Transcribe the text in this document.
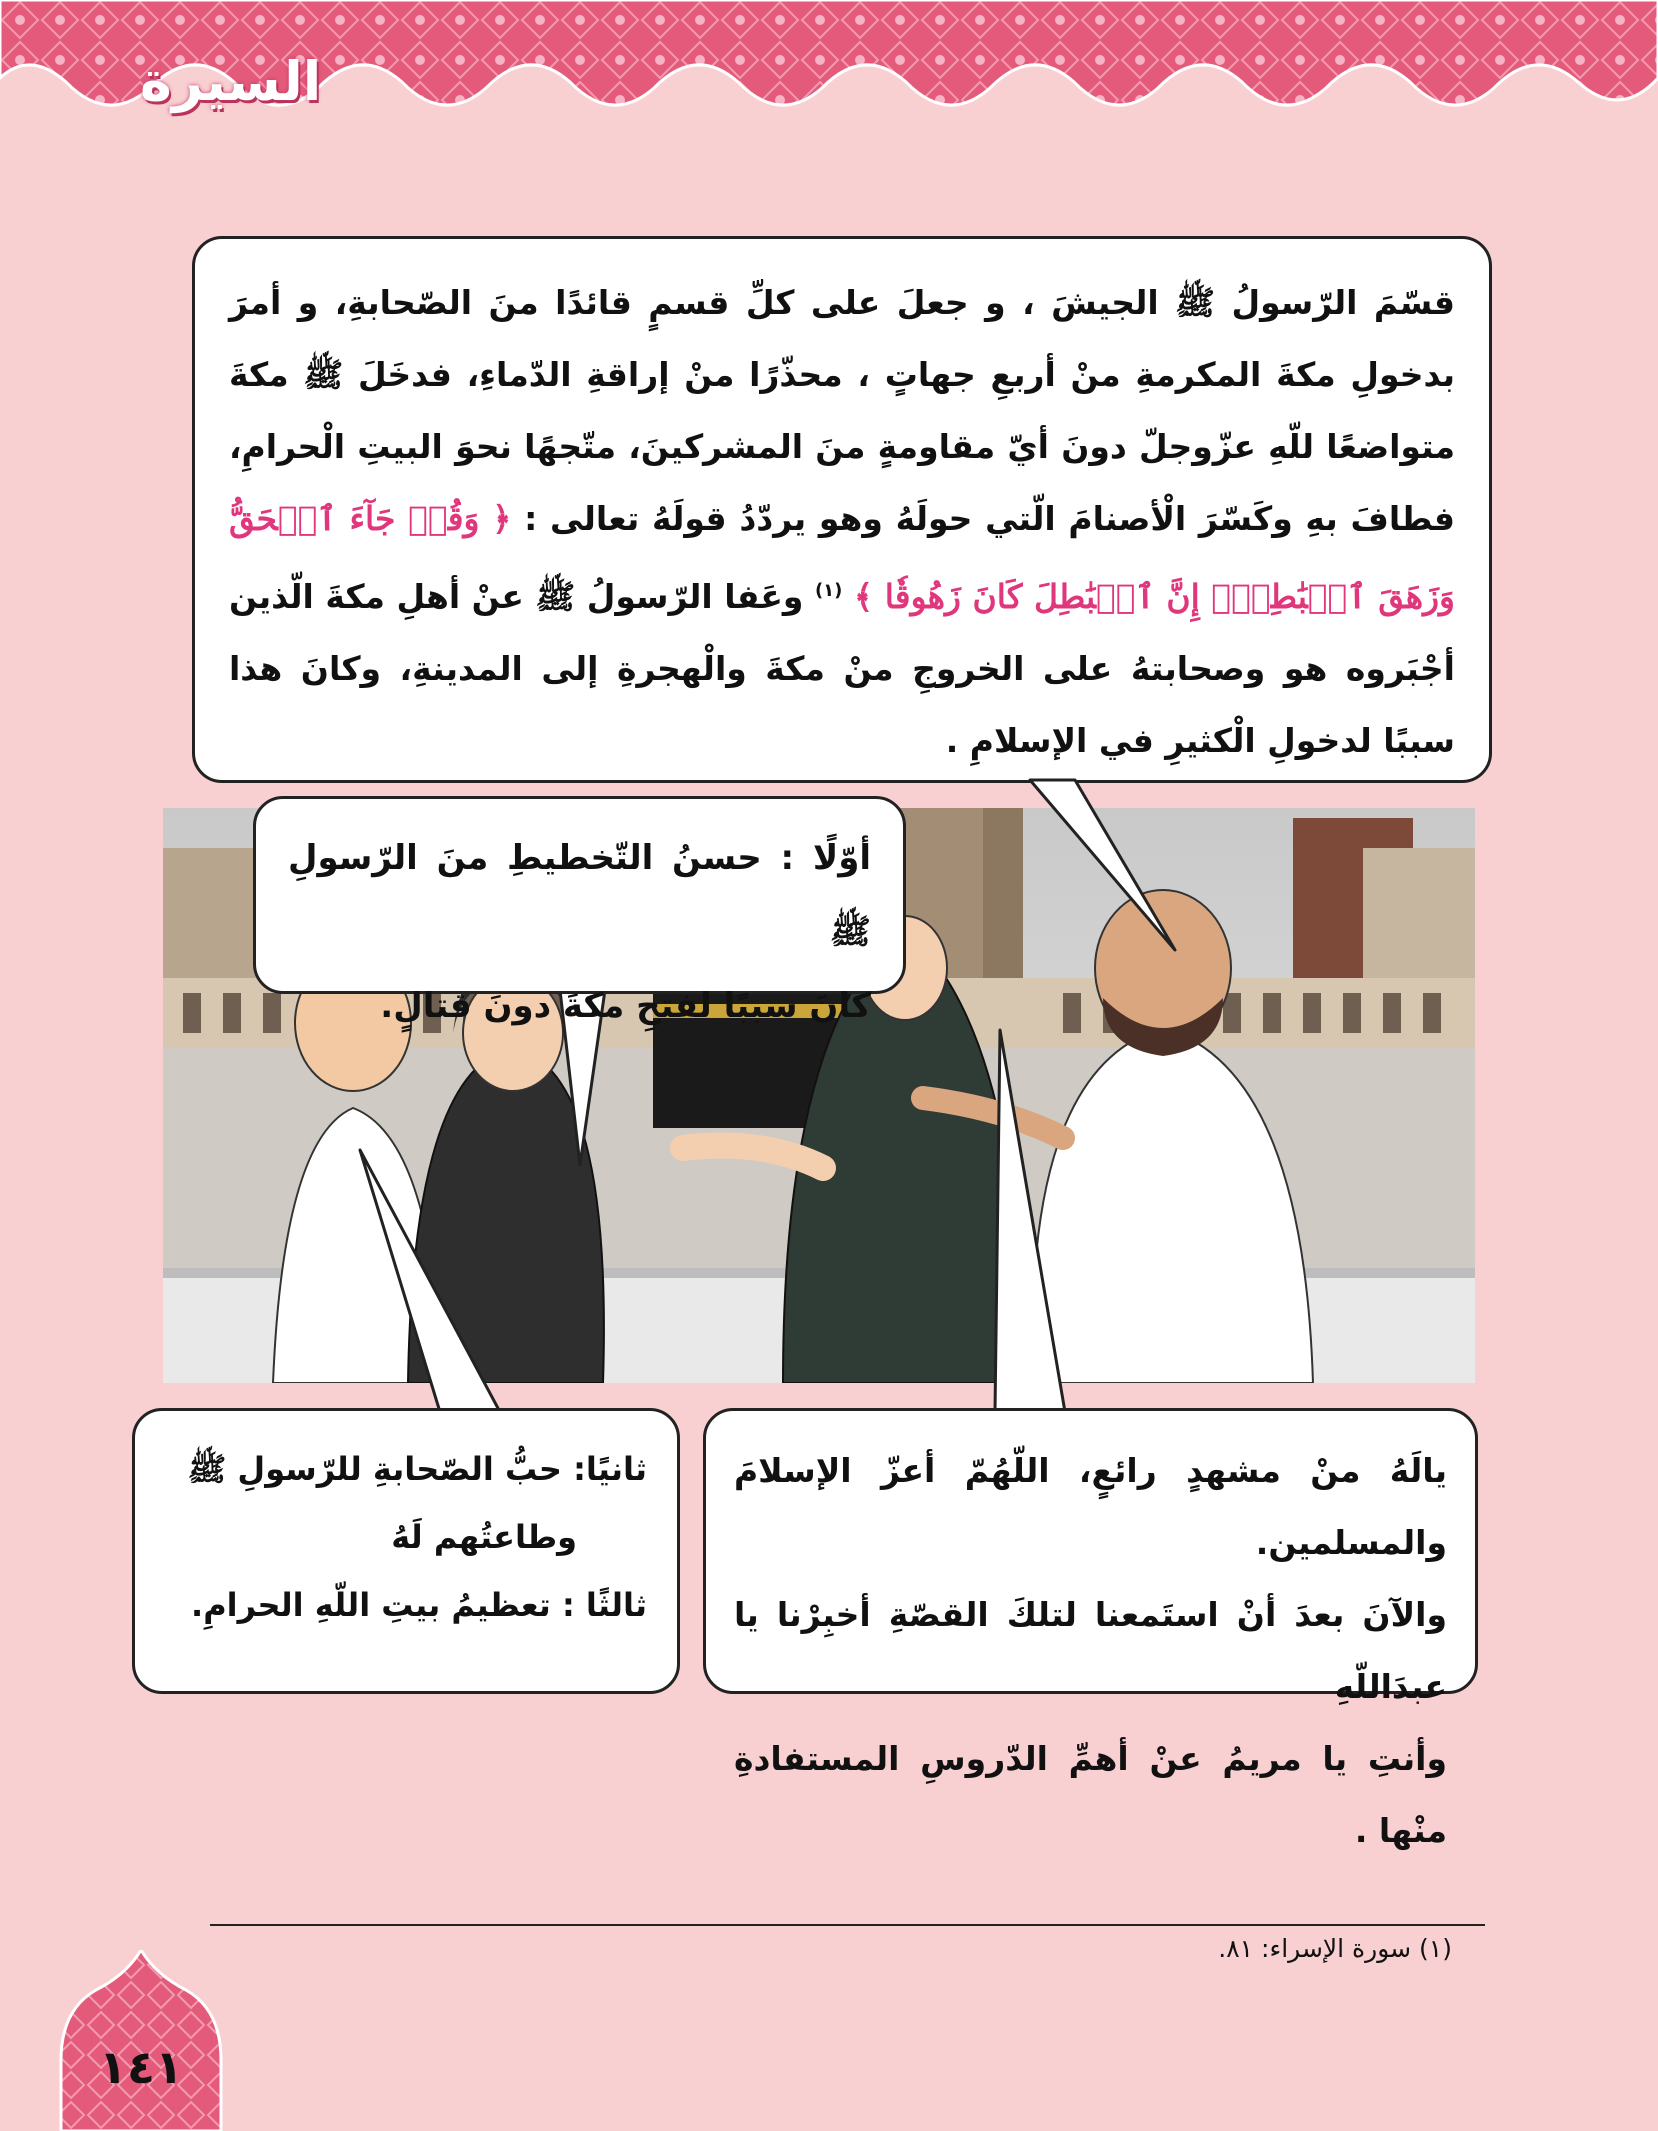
السيرة

قسّمَ الرّسولُ ﷺ الجيشَ ، و جعلَ على كلِّ قسمٍ قائدًا منَ الصّحابةِ، و أمرَ بدخولِ مكةَ المكرمةِ منْ أربعِ جهاتٍ ، محذّرًا منْ إراقةِ الدّماءِ، فدخَلَ ﷺ مكةَ متواضعًا للّهِ عزّوجلّ دونَ أيّ مقاومةٍ منَ المشركينَ، متّجهًا نحوَ البيتِ الْحرامِ، فطافَ بهِ وكَسّرَ الْأصنامَ الّتي حولَهُ وهو يردّدُ قولَهُ تعالى : ﴿ وَقُلۡ جَآءَ ٱلۡحَقُّ وَزَهَقَ ٱلۡبَٰطِلُۚ إِنَّ ٱلۡبَٰطِلَ كَانَ زَهُوقٗا ﴾ $^{(١)}$ وعَفا الرّسولُ ﷺ عنْ أهلِ مكةَ الّذين أجْبَروه هو وصحابتهُ على الخروجِ منْ مكةَ والْهجرةِ إلى المدينةِ، وكانَ هذا سببًا لدخولِ الْكثيرِ في الإسلامِ .

أوّلًا : حسنُ التّخطيطِ منَ الرّسولِ ﷺ

كانَ سببًا لفتحِ مكةَ دونَ قتالٍ.

ثانيًا: حبُّ الصّحابةِ للرّسولِ ﷺ

وطاعتُهم لَهُ

ثالثًا : تعظيمُ بيتِ اللّهِ الحرامِ.

يالَهُ منْ مشهدٍ رائعٍ، اللّهُمّ أعزّ الإسلامَ والمسلمين.

والآنَ بعدَ أنْ استَمعنا لتلكَ القصّةِ أخبِرْنا يا عبدَاللّهِ

وأنتِ يا مريمُ عنْ أهمِّ الدّروسِ المستفادةِ منْها .

(١) سورة الإسراء: ٨١.
١٤١
